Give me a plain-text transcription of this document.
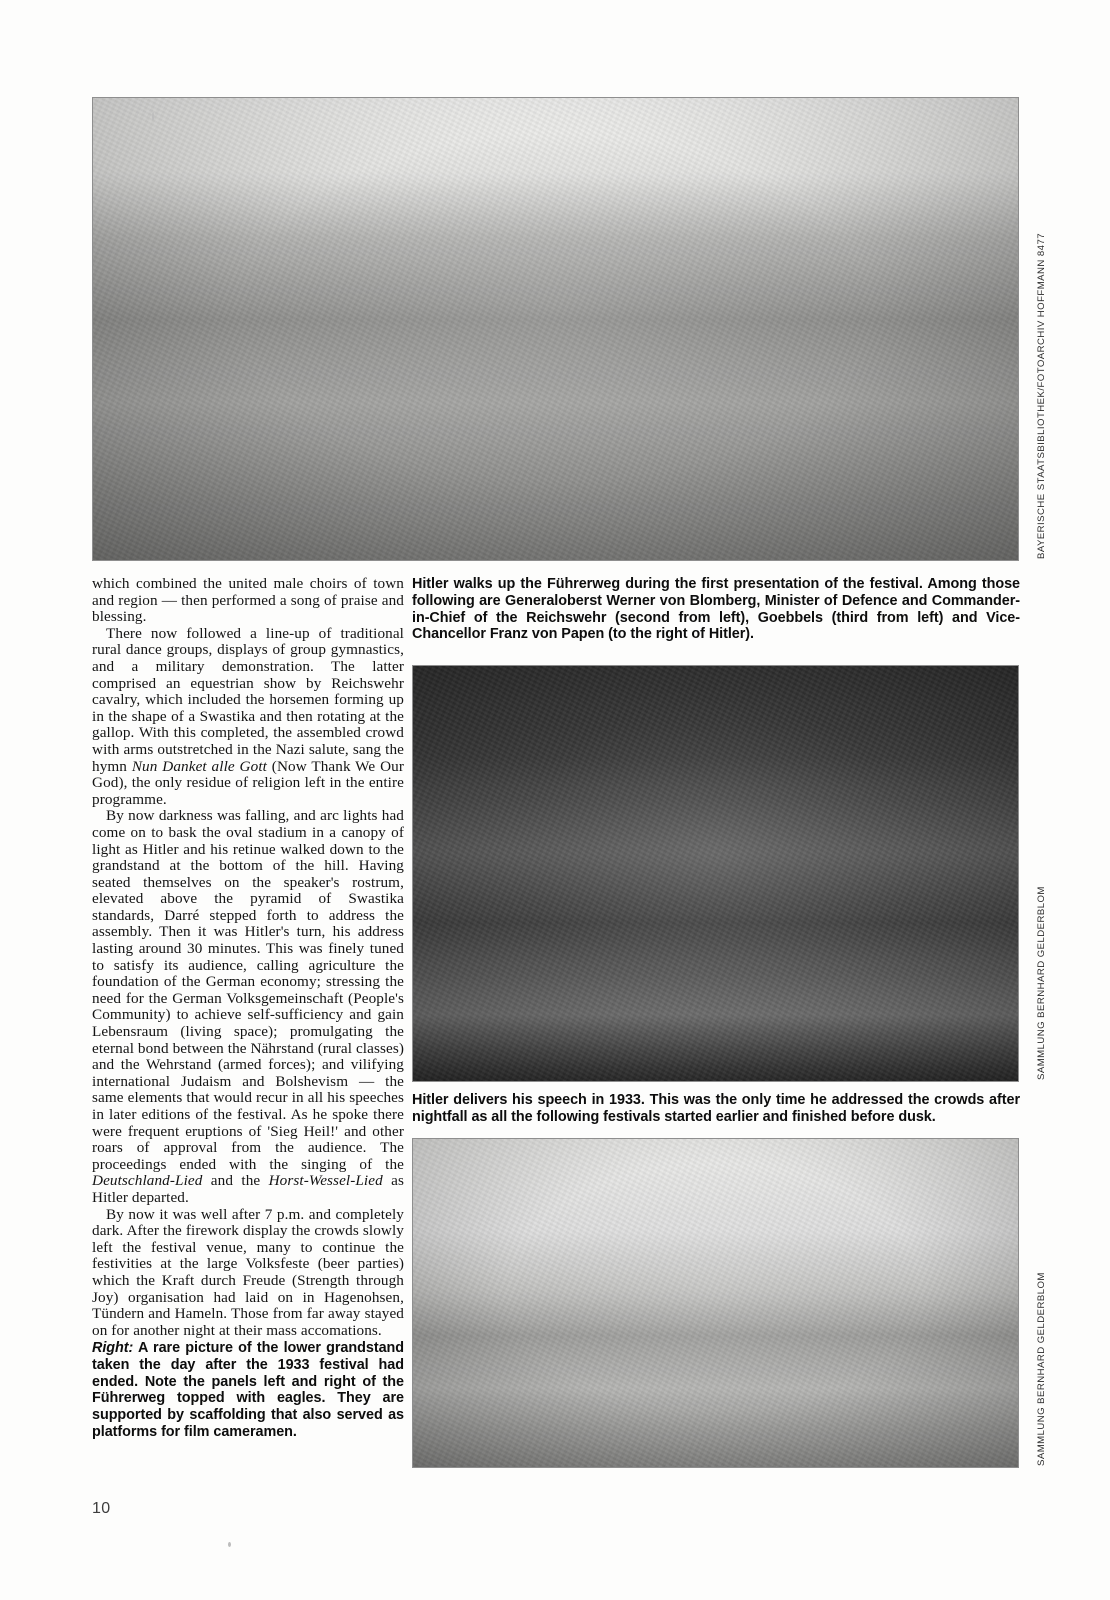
BAYERISCHE STAATSBIBLIOTHEK/FOTOARCHIV HOFFMANN 8477

which combined the united male choirs of town and region — then performed a song of praise and blessing.

There now followed a line-up of traditional rural dance groups, displays of group gymnastics, and a military demonstration. The latter comprised an equestrian show by Reichswehr cavalry, which included the horsemen forming up in the shape of a Swastika and then rotating at the gallop. With this completed, the assembled crowd with arms outstretched in the Nazi salute, sang the hymn Nun Danket alle Gott (Now Thank We Our God), the only residue of religion left in the entire programme.

By now darkness was falling, and arc lights had come on to bask the oval stadium in a canopy of light as Hitler and his retinue walked down to the grandstand at the bottom of the hill. Having seated themselves on the speaker's rostrum, elevated above the pyramid of Swastika standards, Darré stepped forth to address the assembly. Then it was Hitler's turn, his address lasting around 30 minutes. This was finely tuned to satisfy its audience, calling agriculture the foundation of the German economy; stressing the need for the German Volksgemeinschaft (People's Community) to achieve self-sufficiency and gain Lebensraum (living space); promulgating the eternal bond between the Nährstand (rural classes) and the Wehrstand (armed forces); and vilifying international Judaism and Bolshevism — the same elements that would recur in all his speeches in later editions of the festival. As he spoke there were frequent eruptions of 'Sieg Heil!' and other roars of approval from the audience. The proceedings ended with the singing of the Deutschland-Lied and the Horst-Wessel-Lied as Hitler departed.

By now it was well after 7 p.m. and completely dark. After the firework display the crowds slowly left the festival venue, many to continue the festivities at the large Volksfeste (beer parties) which the Kraft durch Freude (Strength through Joy) organisation had laid on in Hagenohsen, Tündern and Hameln. Those from far away stayed on for another night at their mass accomations.

Right: A rare picture of the lower grandstand taken the day after the 1933 festival had ended. Note the panels left and right of the Führerweg topped with eagles. They are supported by scaffolding that also served as platforms for film cameramen.
Hitler walks up the Führerweg during the first presentation of the festival. Among those following are Generaloberst Werner von Blomberg, Minister of Defence and Commander-in-Chief of the Reichswehr (second from left), Goebbels (third from left) and Vice-Chancellor Franz von Papen (to the right of Hitler).
SAMMLUNG BERNHARD GELDERBLOM
Hitler delivers his speech in 1933. This was the only time he addressed the crowds after nightfall as all the following festivals started earlier and finished before dusk.
SAMMLUNG BERNHARD GELDERBLOM
10
